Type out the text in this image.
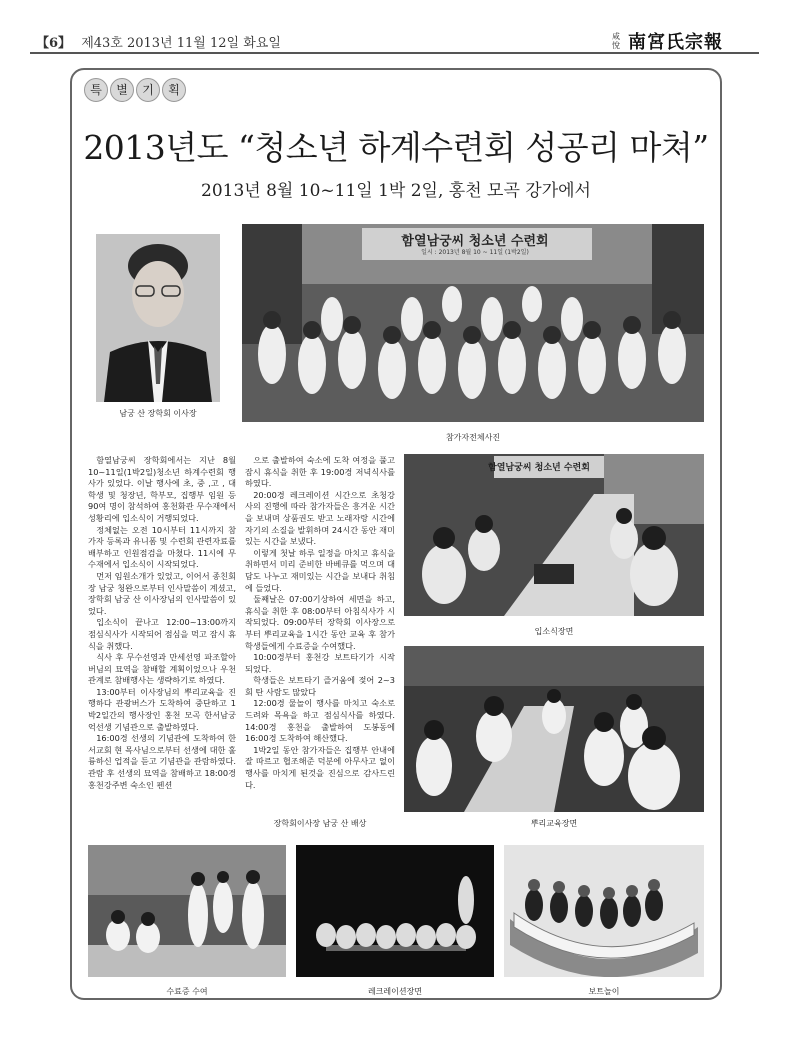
【6】 제43호 2013년 11월 12일 화요일	咸
悅 南宮氏宗報
특	별	기	획
2013년도 “청소년 하계수련회 성공리 마쳐”
2013년 8월 10~11일 1박 2일, 홍천 모곡 강가에서
남궁 산 장학회 이사장
함열남궁씨 청소년 수련회
일시 : 2013년 8월 10 ~ 11일 (1박2일)
참가자전체사진

함열남궁씨 장학회에서는 지난 8월 10~11일(1박2일)청소년 하계수련회 행사가 있었다. 이날 행사에 초, 중 ,고 , 대학생 및 청장년, 학부모, 집행부 임원 등 90여 명이 참석하여 홍천화관 무수재에서 성황리에 입소식이 거행되었다.

정체없는 오전 10시부터 11시까지 참가자 등록과 유니폼 및 수련회 관련자료를 배부하고 인원점검을 마쳤다. 11시에 무수재에서 입소식이 시작되었다.

먼저 임원소개가 있었고, 이어서 종친회장 남궁 청완으로부터 인사말씀이 계셨고, 장학회 남궁 산 이사장님의 인사말씀이 있었다.

입소식이 끝나고 12:00~13:00까지 점심식사가 시작되어 점심을 먹고 잠시 휴식을 취했다.

식사 후 무수선영과 만세선영 파조할아버님의 묘역을 참배할 계획이었으나 우천관계로 참배행사는 생략하기로 하였다.

13:00부터 이사장님의 뿌리교육을 진행하다 관광버스가 도착하여 중단하고 1박2일간의 행사장인 홍천 모곡 한서남궁 억선생 기념관으로 출발하였다.

16:00경 선생의 기념관에 도착하여 한서교회 현 목사님으로부터 선생에 대한 훌륭하신 업적을 듣고 기념관을 관람하였다. 관람 후 선생의 묘역을 참배하고 18:00경 홍천강주변 숙소인 펜션

으로 출발하여 숙소에 도착 여정을 풀고 잠시 휴식을 취한 후 19:00경 저녁식사를 하였다.

20:00경 레크레이션 시간으로 초청강사의 진행에 따라 참가자들은 흥겨운 시간을 보내며 상품권도 받고 노래자랑 시간에 자기의 소질을 발휘하며 24시간 동안 재미있는 시간을 보냈다.

이렇게 첫날 하루 일정을 마치고 휴식을 취하면서 미리 준비한 바베큐를 먹으며 대담도 나누고 재미있는 시간을 보내다 취침에 들었다.

둘째날은 07:00기상하여 세면을 하고, 휴식을 취한 후 08:00부터 아침식사가 시작되었다. 09:00부터 장학회 이사장으로부터 뿌리교육을 1시간 동안 교육 후 참가학생들에게 수료증을 수여했다.

10:00경부터 홍천강 보트타기가 시작되었다.

학생들은 보트타기 즐거움에 젖어 2~3회 탄 사람도 많았다

12:00경 물놀이 행사를 마치고 숙소로 드려와 목욕을 하고 점심식사를 하였다. 14:00경 홍천을 출발하여 도봉동에 16:00경 도착하여 해산했다.

1박2일 동안 참가자들은 집행부 안내에 잘 따르고 협조해준 덕분에 아무사고 없이 행사를 마치게 된것을 진심으로 감사드린다.

장학회이사장 남궁 산 배상
함열남궁씨 청소년 수련회
입소식장면
뿌리교육장면
수료증 수여	레크레이션장면	보트놀이
